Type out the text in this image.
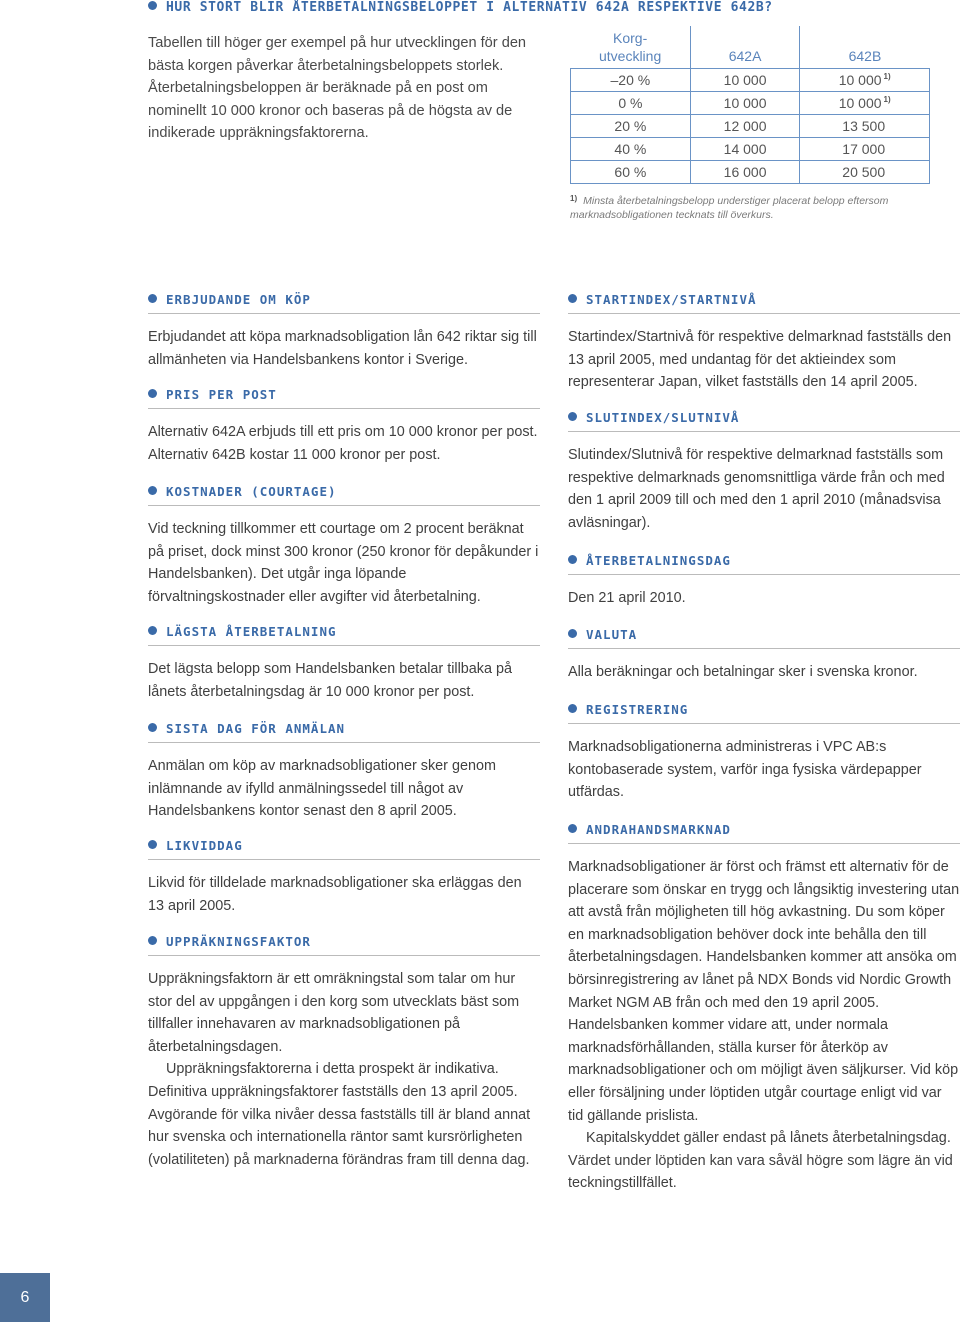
HUR STORT BLIR ÅTERBETALNINGSBELOPPET I ALTERNATIV 642A RESPEKTIVE 642B?
Tabellen till höger ger exempel på hur utvecklingen för den bästa korgen påverkar återbetalningsbeloppets storlek. Återbetalningsbeloppen är beräknade på en post om nominellt 10 000 kronor och baseras på de högsta av de indikerade uppräkningsfaktorerna.
Korg-
utveckling	642A	642B
–20 %	10 000	10 000 $^{1)}$
0 %	10 000	10 000 $^{1)}$
20 %	12 000	13 500
40 %	14 000	17 000
60 %	16 000	20 500
$^{1)}$ Minsta återbetalningsbelopp understiger placerat belopp eftersom marknadsobligationen tecknats till överkurs.
ERBJUDANDE OM KÖP

Erbjudandet att köpa marknadsobligation lån 642 riktar sig till allmänheten via Handelsbankens kontor i Sverige.

PRIS PER POST

Alternativ 642A erbjuds till ett pris om 10 000 kronor per post. Alternativ 642B kostar 11 000 kronor per post.

KOSTNADER (COURTAGE)

Vid teckning tillkommer ett courtage om 2 procent beräknat på priset, dock minst 300 kronor (250 kronor för depåkunder i Handelsbanken). Det utgår inga löpande förvaltningskostnader eller avgifter vid återbetalning.

LÄGSTA ÅTERBETALNING

Det lägsta belopp som Handelsbanken betalar tillbaka på lånets återbetalningsdag är 10 000 kronor per post.

SISTA DAG FÖR ANMÄLAN

Anmälan om köp av marknadsobligationer sker genom inlämnande av ifylld anmälningssedel till något av Handelsbankens kontor senast den 8 april 2005.

LIKVIDDAG

Likvid för tilldelade marknadsobligationer ska erläggas den 13 april 2005.

UPPRÄKNINGSFAKTOR

Uppräkningsfaktorn är ett omräkningstal som talar om hur stor del av uppgången i den korg som utvecklats bäst som tillfaller innehavaren av marknadsobligationen på återbetalningsdagen.

Uppräkningsfaktorerna i detta prospekt är indikativa. Definitiva uppräkningsfaktorer fastställs den 13 april 2005. Avgörande för vilka nivåer dessa fastställs till är bland annat hur svenska och internationella räntor samt kursrörligheten (volatiliteten) på marknaderna förändras fram till denna dag.

STARTINDEX/STARTNIVÅ

Startindex/Startnivå för respektive delmarknad fastställs den 13 april 2005, med undantag för det aktieindex som representerar Japan, vilket fastställs den 14 april 2005.

SLUTINDEX/SLUTNIVÅ

Slutindex/Slutnivå för respektive delmarknad fastställs som respektive delmarknads genomsnittliga värde från och med den 1 april 2009 till och med den 1 april 2010 (månadsvisa avläsningar).

ÅTERBETALNINGSDAG

Den 21 april 2010.

VALUTA

Alla beräkningar och betalningar sker i svenska kronor.

REGISTRERING

Marknadsobligationerna administreras i VPC AB:s kontobaserade system, varför inga fysiska värdepapper utfärdas.

ANDRAHANDSMARKNAD

Marknadsobligationer är först och främst ett alternativ för de placerare som önskar en trygg och långsiktig investering utan att avstå från möjligheten till hög avkastning. Du som köper en marknadsobligation behöver dock inte behålla den till återbetalningsdagen. Handelsbanken kommer att ansöka om börsinregistrering av lånet på NDX Bonds vid Nordic Growth Market NGM AB från och med den 19 april 2005. Handelsbanken kommer vidare att, under normala marknadsförhållanden, ställa kurser för återköp av marknadsobligationer och om möjligt även säljkurser. Vid köp eller försäljning under löptiden utgår courtage enligt vid var tid gällande prislista.

Kapitalskyddet gäller endast på lånets återbetalningsdag. Värdet under löptiden kan vara såväl högre som lägre än vid teckningstillfället.

6
